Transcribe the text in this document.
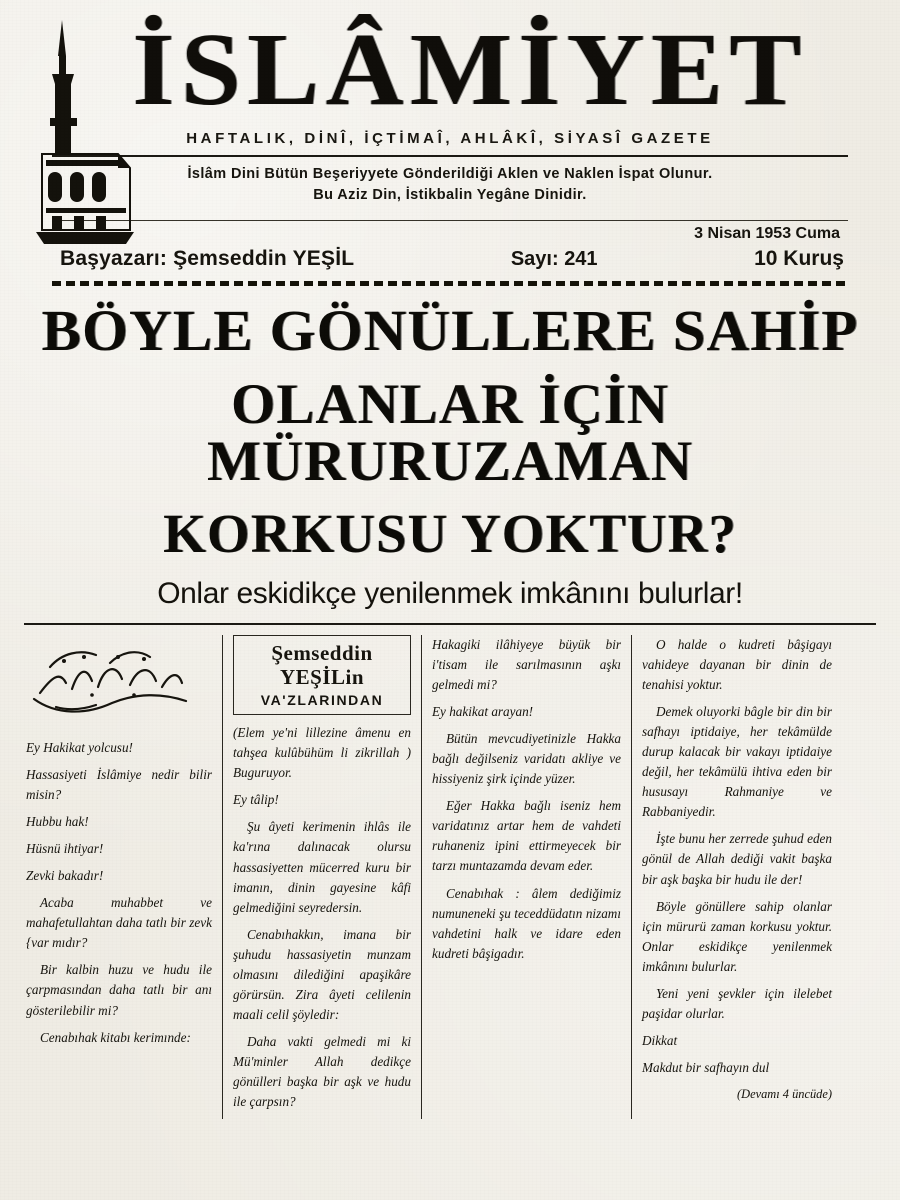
İSLÂMİYET
HAFTALIK, DİNÎ, İÇTİMAÎ, AHLÂKÎ, SİYASÎ GAZETE
İslâm Dini Bütün Beşeriyyete Gönderildiği Aklen ve Naklen İspat Olunur.
Bu Aziz Din, İstikbalin Yegâne Dinidir.
3 Nisan 1953 Cuma
Başyazarı: Şemseddin YEŞİL	Sayı: 241	10 Kuruş
BÖYLE GÖNÜLLERE SAHİP
OLANLAR İÇİN MÜRURUZAMAN
KORKUSU YOKTUR?
Onlar eskidikçe yenilenmek imkânını bulurlar!

Ey Hakikat yolcusu!

Hassasiyeti İslâmiye nedir bilir misin?

Hubbu hak!

Hüsnü ihtiyar!

Zevki bakadır!

Acaba muhabbet ve mahafetullahtan daha tatlı bir zevk {var mıdır?

Bir kalbin huzu ve hudu ile çarpmasından daha tatlı bir anı gösterilebilir mi?

Cenabıhak kitabı kerimınde:

Şemseddin YEŞİLin
VA'ZLARINDAN

(Elem ye'ni lillezine âmenu en tahşea kulûbühüm li zikrillah ) Buguruyor.

Ey tâlip!

Şu âyeti kerimenin ihlâs ile ka'rına dalınacak olursu hassasiyetten mücerred kuru bir imanın, dinin gayesine kâfi gelmediğini seyredersin.

Cenabıhakkın, imana bir şuhudu hassasiyetin munzam olmasını dilediğini apaşikâre görürsün. Zira âyeti celilenin maali celil şöyledir:

Daha vakti gelmedi mi ki Mü'minler Allah dedikçe gönülleri başka bir aşk ve hudu ile çarpsın?

Hakagiki ilâhiyeye büyük bir i'tisam ile sarılmasının aşkı gelmedi mi?

Ey hakikat arayan!

Bütün mevcudiyetinizle Hakka bağlı değilseniz varidatı akliye ve hissiyeniz şirk içinde yüzer.

Eğer Hakka bağlı iseniz hem varidatınız artar hem de vahdeti ruhaneniz ipini ettirmeyecek bir tarzı muntazamda devam eder.

Cenabıhak : âlem dediğimiz numuneneki şu teceddüdatın nizamı vahdetini halk ve idare eden kudreti bâşigadır.

O halde o kudreti bâşigayı vahideye dayanan bir dinin de tenahisi yoktur.

Demek oluyorki bâgle bir din bir safhayı iptidaiye, her tekâmülde durup kalacak bir vakayı iptidaiye değil, her tekâmülü ihtiva eden bir hususayı Rahmaniye ve Rabbaniyedir.

İşte bunu her zerrede şuhud eden gönül de Allah dediği vakit başka bir aşk başka bir hudu ile der!

Böyle gönüllere sahip olanlar için mürurü zaman korkusu yoktur. Onlar eskidikçe yenilenmek imkânını bulurlar.

Yeni yeni şevkler için ilelebet paşidar olurlar.

Dikkat

Makdut bir safhayın dul

(Devamı 4 üncüde)
